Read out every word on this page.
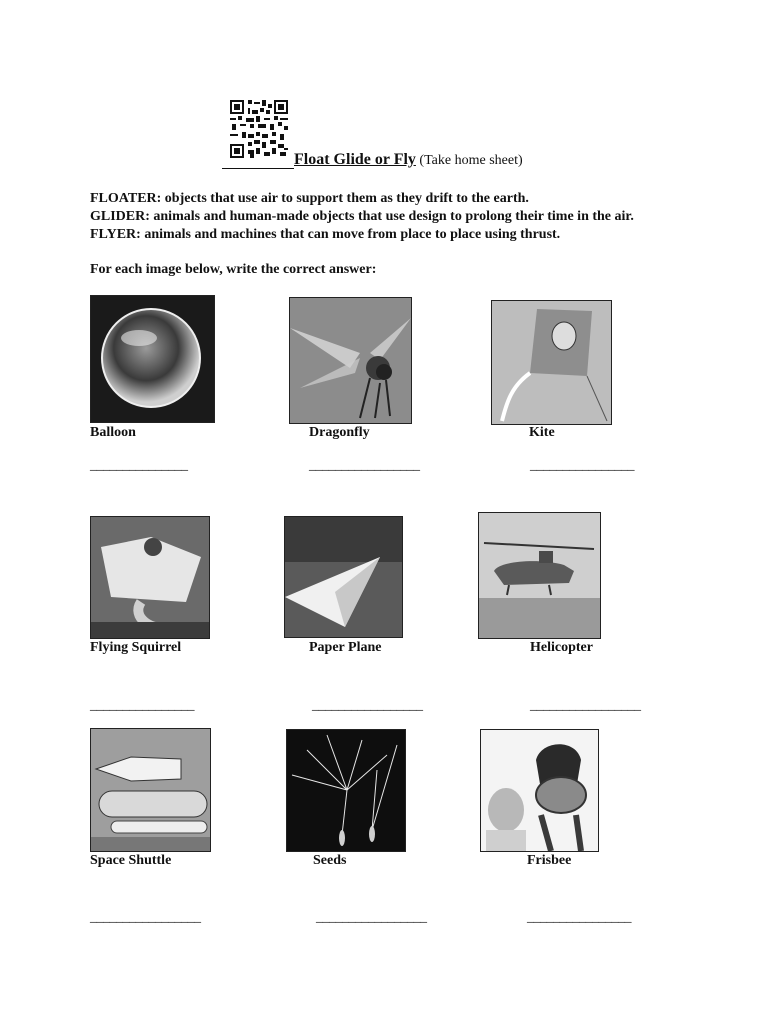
Float Glide or Fly (Take home sheet)
FLOATER: objects that use air to support them as they drift to the earth.
GLIDER: animals and human-made objects that use design to prolong their time in the air.
FLYER: animals and machines that can move from place to place using thrust.
For each image below, write the correct answer:
Balloon	Dragonfly	Kite
_______________	_________________	________________
Flying Squirrel	Paper Plane	Helicopter
________________	_________________	_________________
Space Shuttle	Seeds	Frisbee
_________________	_________________	________________
